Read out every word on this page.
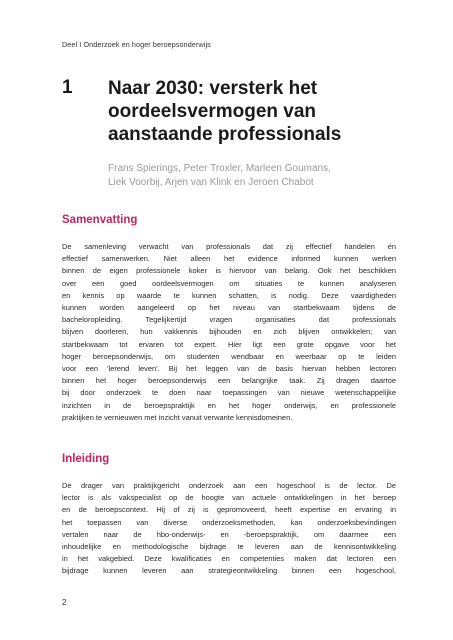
Deel I Onderzoek en hoger beroepsonderwijs
1 Naar 2030: versterk het
oordeelsvermogen van
aanstaande professionals

Frans Spierings, Peter Troxler, Marleen Goumans,
Liek Voorbij, Arjen van Klink en Jeroen Chabot

Samenvatting

De samenleving verwacht van professionals dat zij effectief handelen én
effectief samenwerken. Niet alleen het evidence informed kunnen werken
binnen de eigen professionele koker is hiervoor van belang. Ook het beschikken
over een goed oordeelsvermogen om situaties te kunnen analyseren
en kennis op waarde te kunnen schatten, is nodig. Deze vaardigheden
kunnen worden aangeleerd op het niveau van startbekwaam tijdens de
bacheloropleiding. Tegelijkertijd vragen organisaties dat professionals
blijven doorleren, hun vakkennis bijhouden en zich blijven ontwikkelen; van
startbekwaam tot ervaren tot expert. Hier ligt een grote opgave voor het
hoger beroepsonderwijs, om studenten wendbaar en weerbaar op te leiden
voor een 'lerend leven'. Bij het leggen van de basis hiervan hebben lectoren
binnen het hoger beroepsonderwijs een belangrijke taak. Zij dragen daartoe
bij door onderzoek te doen naar toepassingen van nieuwe wetenschappelijke
inzichten in de beroepspraktijk en het hoger onderwijs, en professionele
praktijken te vernieuwen met inzicht vanuit verwante kennisdomeinen.

Inleiding

De drager van praktijkgericht onderzoek aan een hogeschool is de lector. De
lector is als vakspecialist op de hoogte van actuele ontwikkelingen in het beroep
en de beroepscontext. Hij of zij is gepromoveerd, heeft expertise en ervaring in
het toepassen van diverse onderzoeksmethoden, kan onderzoeksbevindingen
vertalen naar de hbo-onderwijs- en -beroepspraktijk, om daarmee een
inhoudelijke en methodologische bijdrage te leveren aan de kennisontwikkeling
in het vakgebied. Deze kwalificaties en competenties maken dat lectoren een
bijdrage kunnen leveren aan strategieontwikkeling binnen een hogeschool,

2
